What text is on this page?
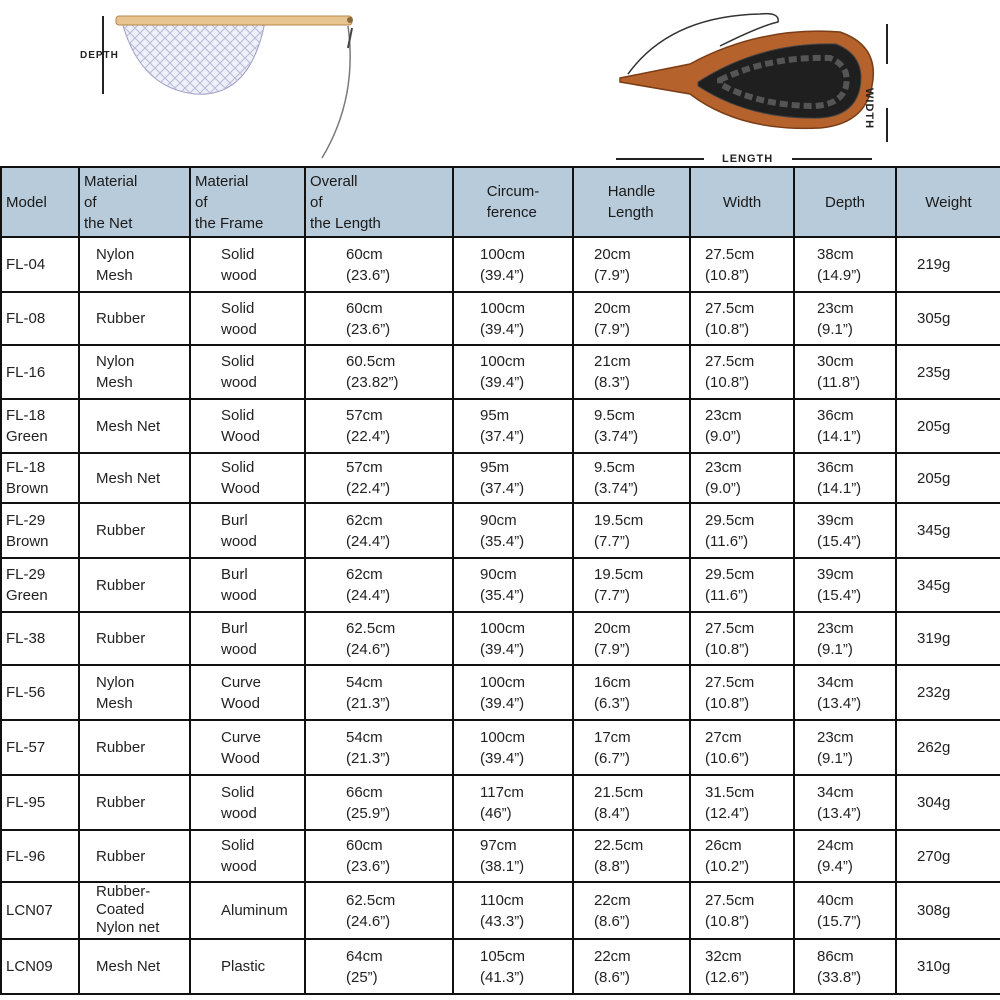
DEPTH
WIDTH
LENGTH
Model	Material
of
the Net	Material
of
the Frame	Overall
of
the Length	Circum-
ference	Handle
Length	Width	Depth	Weight

FL-04	Nylon
Mesh	Solid
wood	60cm
(23.6”)	100cm
(39.4”)	20cm
(7.9”)	27.5cm
(10.8”)	38cm
(14.9”)	219g

FL-08	Rubber	Solid
wood	60cm
(23.6”)	100cm
(39.4”)	20cm
(7.9”)	27.5cm
(10.8”)	23cm
(9.1”)	305g

FL-16	Nylon
Mesh	Solid
wood	60.5cm
(23.82”)	100cm
(39.4”)	21cm
(8.3”)	27.5cm
(10.8”)	30cm
(11.8”)	235g

FL-18
Green	Mesh Net	Solid
Wood	57cm
(22.4”)	95m
(37.4”)	9.5cm
(3.74”)	23cm
(9.0”)	36cm
(14.1”)	205g

FL-18
Brown	Mesh Net	Solid
Wood	57cm
(22.4”)	95m
(37.4”)	9.5cm
(3.74”)	23cm
(9.0”)	36cm
(14.1”)	205g

FL-29
Brown	Rubber	Burl
wood	62cm
(24.4”)	90cm
(35.4”)	19.5cm
(7.7”)	29.5cm
(11.6”)	39cm
(15.4”)	345g

FL-29
Green	Rubber	Burl
wood	62cm
(24.4”)	90cm
(35.4”)	19.5cm
(7.7”)	29.5cm
(11.6”)	39cm
(15.4”)	345g

FL-38	Rubber	Burl
wood	62.5cm
(24.6”)	100cm
(39.4”)	20cm
(7.9”)	27.5cm
(10.8”)	23cm
(9.1”)	319g

FL-56	Nylon
Mesh	Curve
Wood	54cm
(21.3”)	100cm
(39.4”)	16cm
(6.3”)	27.5cm
(10.8”)	34cm
(13.4”)	232g

FL-57	Rubber	Curve
Wood	54cm
(21.3”)	100cm
(39.4”)	17cm
(6.7”)	27cm
(10.6”)	23cm
(9.1”)	262g

FL-95	Rubber	Solid
wood	66cm
(25.9”)	117cm
(46”)	21.5cm
(8.4”)	31.5cm
(12.4”)	34cm
(13.4”)	304g

FL-96	Rubber	Solid
wood	60cm
(23.6”)	97cm
(38.1”)	22.5cm
(8.8”)	26cm
(10.2”)	24cm
(9.4”)	270g

LCN07	Rubber-
Coated
Nylon net	Aluminum	62.5cm
(24.6”)	110cm
(43.3”)	22cm
(8.6”)	27.5cm
(10.8”)	40cm
(15.7”)	308g

LCN09	Mesh Net	Plastic	64cm
(25”)	105cm
(41.3”)	22cm
(8.6”)	32cm
(12.6”)	86cm
(33.8”)	310g
